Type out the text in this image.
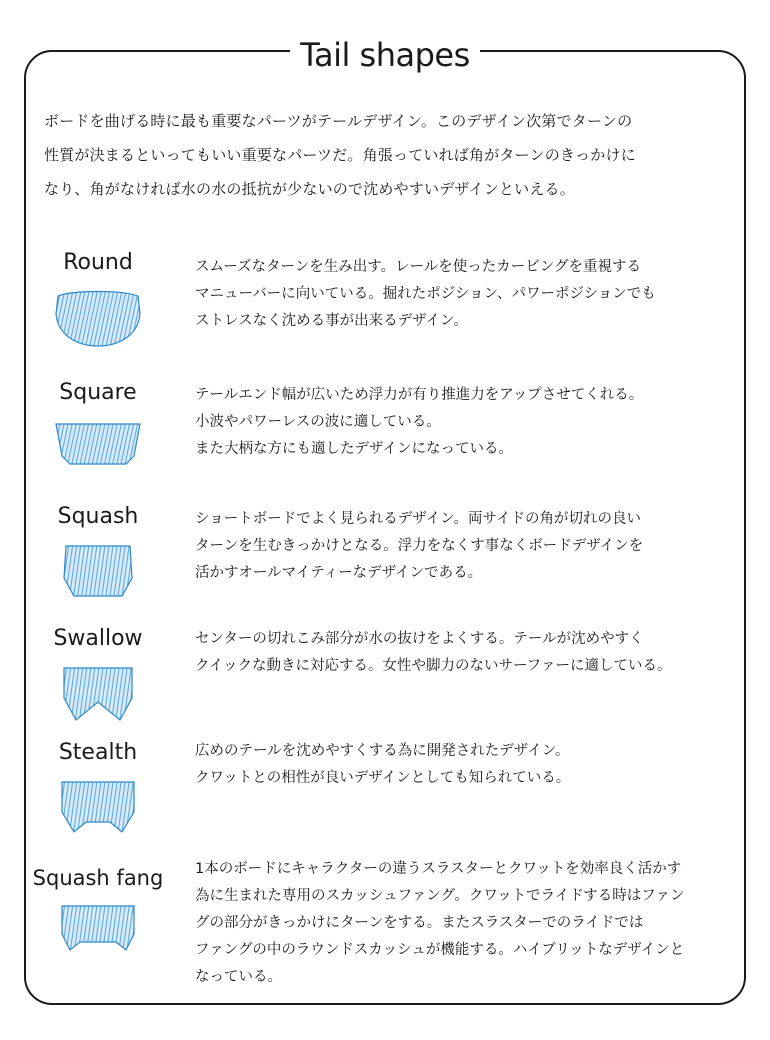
Tail shapes
ボードを曲げる時に最も重要なパーツがテールデザイン。このデザイン次第でターンの
性質が決まるといってもいい重要なパーツだ。角張っていれば角がターンのきっかけに
なり、角がなければ水の水の抵抗が少ないので沈めやすいデザインといえる。
Round	スムーズなターンを生み出す。レールを使ったカービングを重視する
マニューバーに向いている。掘れたポジション、パワーポジションでも
ストレスなく沈める事が出来るデザイン。
Square	テールエンド幅が広いため浮力が有り推進力をアップさせてくれる。
小波やパワーレスの波に適している。
また大柄な方にも適したデザインになっている。
Squash	ショートボードでよく見られるデザイン。両サイドの角が切れの良い
ターンを生むきっかけとなる。浮力をなくす事なくボードデザインを
活かすオールマイティーなデザインである。
Swallow	センターの切れこみ部分が水の抜けをよくする。テールが沈めやすく
クイックな動きに対応する。女性や脚力のないサーファーに適している。
Stealth	広めのテールを沈めやすくする為に開発されたデザイン。
クワットとの相性が良いデザインとしても知られている。
Squash fang 1本のボードにキャラクターの違うスラスターとクワットを効率良く活かす
為に生まれた専用のスカッシュファング。クワットでライドする時はファン
グの部分がきっかけにターンをする。またスラスターでのライドでは
ファングの中のラウンドスカッシュが機能する。ハイブリットなデザインと
なっている。
